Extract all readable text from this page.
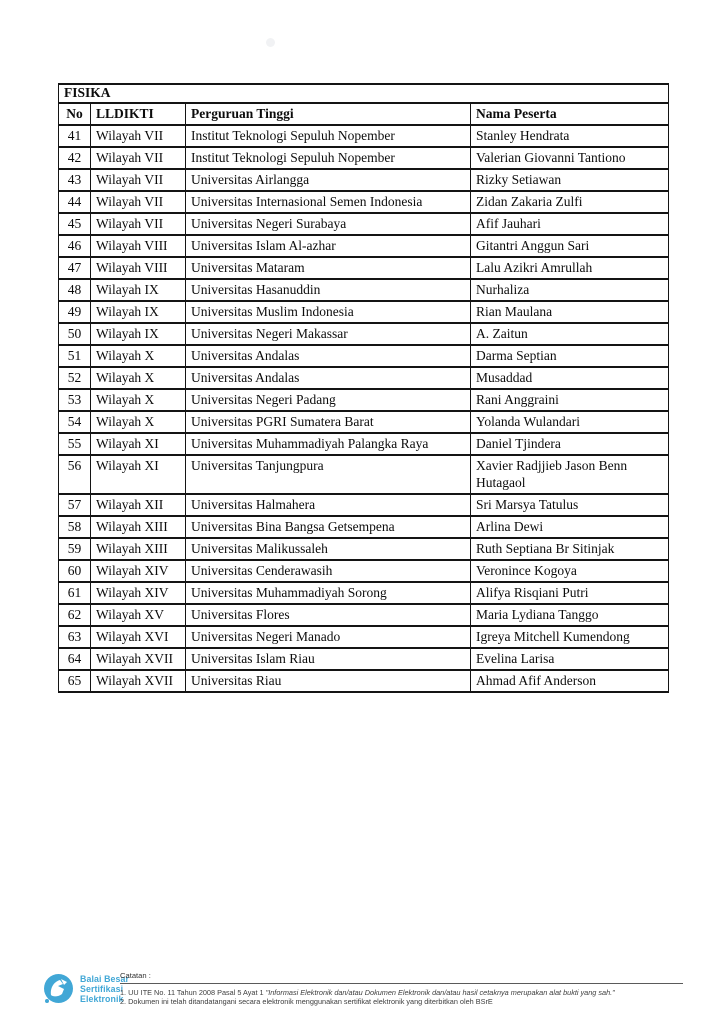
FISIKA			
No	LLDIKTI	Perguruan Tinggi	Nama Peserta
41	Wilayah VII	Institut Teknologi Sepuluh Nopember	Stanley Hendrata
42	Wilayah VII	Institut Teknologi Sepuluh Nopember	Valerian Giovanni Tantiono
43	Wilayah VII	Universitas Airlangga	Rizky Setiawan
44	Wilayah VII	Universitas Internasional Semen Indonesia	Zidan Zakaria Zulfi
45	Wilayah VII	Universitas Negeri Surabaya	Afif Jauhari
46	Wilayah VIII	Universitas Islam Al-azhar	Gitantri Anggun Sari
47	Wilayah VIII	Universitas Mataram	Lalu Azikri Amrullah
48	Wilayah IX	Universitas Hasanuddin	Nurhaliza
49	Wilayah IX	Universitas Muslim Indonesia	Rian Maulana
50	Wilayah IX	Universitas Negeri Makassar	A. Zaitun
51	Wilayah X	Universitas Andalas	Darma Septian
52	Wilayah X	Universitas Andalas	Musaddad
53	Wilayah X	Universitas Negeri Padang	Rani Anggraini
54	Wilayah X	Universitas PGRI Sumatera Barat	Yolanda Wulandari
55	Wilayah XI	Universitas Muhammadiyah Palangka Raya	Daniel Tjindera
56	Wilayah XI	Universitas Tanjungpura	Xavier Radjjieb Jason Benn Hutagaol
57	Wilayah XII	Universitas Halmahera	Sri Marsya Tatulus
58	Wilayah XIII	Universitas Bina Bangsa Getsempena	Arlina Dewi
59	Wilayah XIII	Universitas Malikussaleh	Ruth Septiana Br Sitinjak
60	Wilayah XIV	Universitas Cenderawasih	Veronince Kogoya
61	Wilayah XIV	Universitas Muhammadiyah Sorong	Alifya Risqiani Putri
62	Wilayah XV	Universitas Flores	Maria Lydiana Tanggo
63	Wilayah XVI	Universitas Negeri Manado	Igreya Mitchell Kumendong
64	Wilayah XVII	Universitas Islam Riau	Evelina Larisa
65	Wilayah XVII	Universitas Riau	Ahmad Afif Anderson
Balai Besar
Sertifikasi
Elektronik
Catatan :
1. UU ITE No. 11 Tahun 2008 Pasal 5 Ayat 1 "Informasi Elektronik dan/atau Dokumen Elektronik dan/atau hasil cetaknya merupakan alat bukti yang sah."
2. Dokumen ini telah ditandatangani secara elektronik menggunakan sertifikat elektronik yang diterbitkan oleh BSrE
